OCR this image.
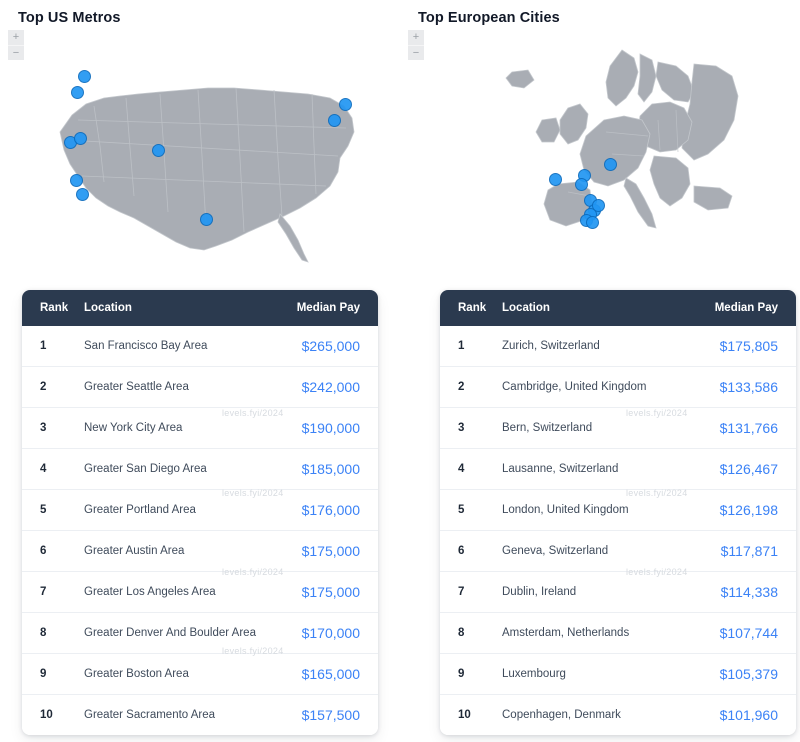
Top US Metros
+
−
Rank	Location	Median Pay
1	San Francisco Bay Area	$265,000
2	Greater Seattle Area	$242,000
3	New York City Area	$190,000
4	Greater San Diego Area	$185,000
5	Greater Portland Area	$176,000
6	Greater Austin Area	$175,000
7	Greater Los Angeles Area	$175,000
8	Greater Denver And Boulder Area	$170,000
9	Greater Boston Area	$165,000
10	Greater Sacramento Area	$157,500
levels.fyi/2024
levels.fyi/2024
levels.fyi/2024
levels.fyi/2024
Top European Cities
+
−
Rank	Location	Median Pay
1	Zurich, Switzerland	$175,805
2	Cambridge, United Kingdom	$133,586
3	Bern, Switzerland	$131,766
4	Lausanne, Switzerland	$126,467
5	London, United Kingdom	$126,198
6	Geneva, Switzerland	$117,871
7	Dublin, Ireland	$114,338
8	Amsterdam, Netherlands	$107,744
9	Luxembourg	$105,379
10	Copenhagen, Denmark	$101,960
levels.fyi/2024
levels.fyi/2024
levels.fyi/2024
